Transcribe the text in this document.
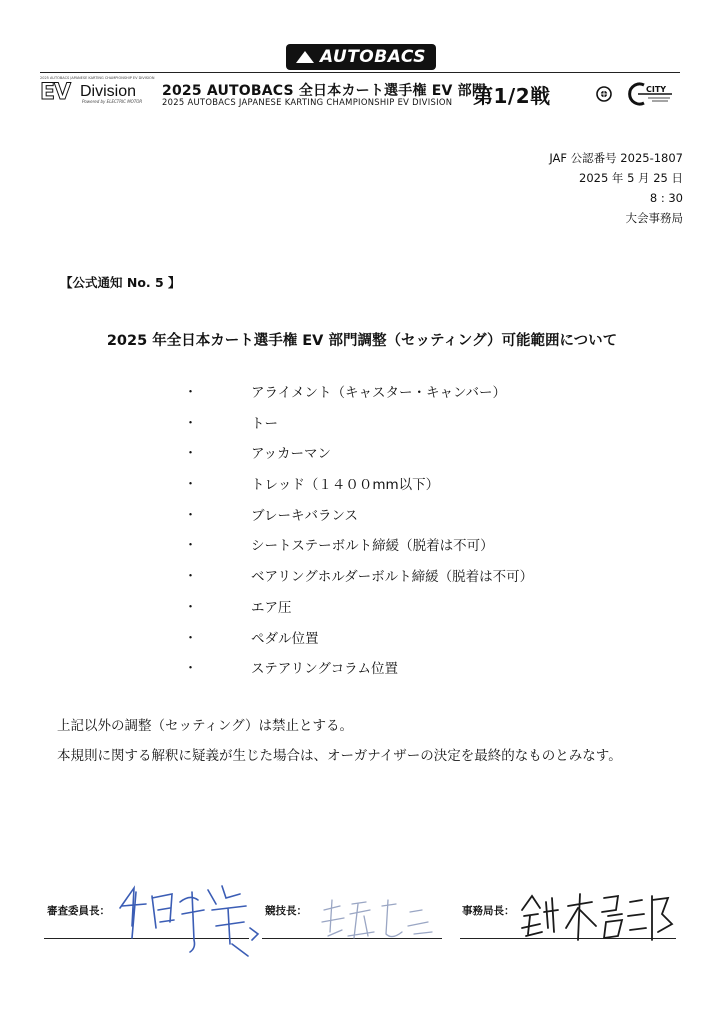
AUTOBACS
2025 AUTOBACS JAPANESE KARTING CHAMPIONSHIP EV DIVISION
EV Division
Powered by ELECTRIC MOTOR
2025 AUTOBACS 全日本カート選手権 EV 部門
2025 AUTOBACS JAPANESE KARTING CHAMPIONSHIP EV DIVISION 第1/2戦	CITY
JAF 公認番号 2025-1807
2025 年 5 月 25 日
8 : 30
大会事務局
【公式通知 No. 5 】
2025 年全日本カート選手権 EV 部門調整（セッティング）可能範囲について
・	アライメント（キャスター・キャンバー）
・	トー
・	アッカーマン
・	トレッド（１４００mm以下）
・	ブレーキバランス
・	シートステーボルト締緩（脱着は不可）
・	ベアリングホルダーボルト締緩（脱着は不可）
・	エア圧
・	ペダル位置
・	ステアリングコラム位置
上記以外の調整（セッティング）は禁止とする。
本規則に関する解釈に疑義が生じた場合は、オーガナイザーの決定を最終的なものとみなす。
審査委員長：	競技長：	事務局長：
